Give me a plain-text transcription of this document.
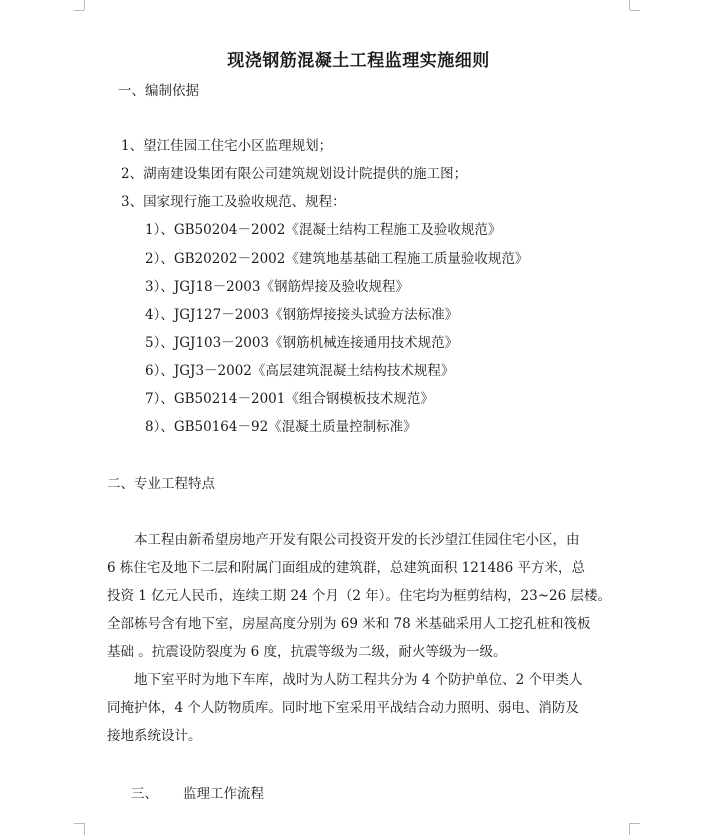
现浇钢筋混凝土工程监理实施细则
一、编制依据
1、望江佳园工住宅小区监理规划；
2、湖南建设集团有限公司建筑规划设计院提供的施工图；
3、国家现行施工及验收规范、规程：
1）、GB50204－2002《混凝土结构工程施工及验收规范》
2）、GB20202－2002《建筑地基基础工程施工质量验收规范》
3）、JGJ18－2003《钢筋焊接及验收规程》
4）、JGJ127－2003《钢筋焊接接头试验方法标准》
5）、JGJ103－2003《钢筋机械连接通用技术规范》
6）、JGJ3－2002《高层建筑混凝土结构技术规程》
7）、GB50214－2001《组合钢模板技术规范》
8）、GB50164－92《混凝土质量控制标准》
二、专业工程特点
　　本工程由新希望房地产开发有限公司投资开发的长沙望江佳园住宅小区，由
6 栋住宅及地下二层和附属门面组成的建筑群，总建筑面积 121486 平方米，总
投资 1 亿元人民币，连续工期 24 个月（2 年）。住宅均为框剪结构，23~26 层楼。
全部栋号含有地下室，房屋高度分别为 69 米和 78 米基础采用人工挖孔桩和筏板
基础 。抗震设防裂度为 6 度，抗震等级为二级，耐火等级为一级。
　　地下室平时为地下车库，战时为人防工程共分为 4 个防护单位、2 个甲类人
同掩护体，4 个人防物质库。同时地下室采用平战结合动力照明、弱电、消防及
接地系统设计。
三、 监理工作流程
